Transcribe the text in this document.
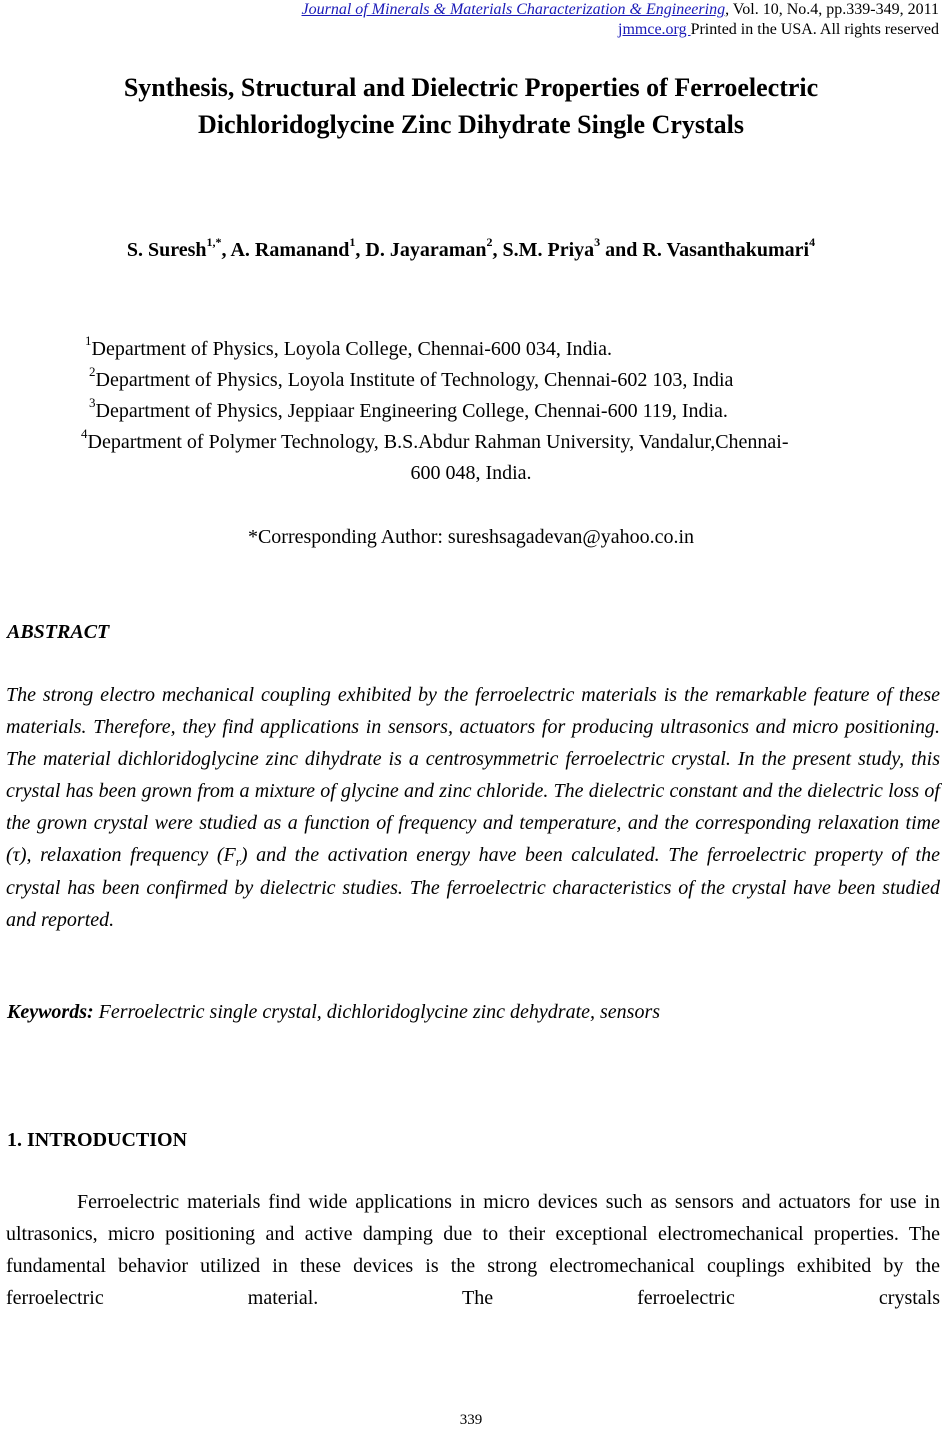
Journal of Minerals & Materials Characterization & Engineering, Vol. 10, No.4, pp.339-349, 2011
jmmce.org Printed in the USA. All rights reserved
Synthesis, Structural and Dielectric Properties of Ferroelectric
Dichloridoglycine Zinc Dihydrate Single Crystals
S. Suresh$^{1,*}$, A. Ramanand$^1$, D. Jayaraman$^2$, S.M. Priya$^3$ and R. Vasanthakumari$^4$
$^1$Department of Physics, Loyola College, Chennai-600 034, India.
$^2$Department of Physics, Loyola Institute of Technology, Chennai-602 103, India
$^3$Department of Physics, Jeppiaar Engineering College, Chennai-600 119, India.
$^4$Department of Polymer Technology, B.S.Abdur Rahman University, Vandalur,Chennai-
600 048, India.
*Corresponding Author: sureshsagadevan@yahoo.co.in
ABSTRACT
The strong electro mechanical coupling exhibited by the ferroelectric materials is the remarkable feature of these materials. Therefore, they find applications in sensors, actuators for producing ultrasonics and micro positioning. The material dichloridoglycine zinc dihydrate is a centrosymmetric ferroelectric crystal. In the present study, this crystal has been grown from a mixture of glycine and zinc chloride. The dielectric constant and the dielectric loss of the grown crystal were studied as a function of frequency and temperature, and the corresponding relaxation time (τ), relaxation frequency $(F_r)$ and the activation energy have been calculated. The ferroelectric property of the crystal has been confirmed by dielectric studies. The ferroelectric characteristics of the crystal have been studied and reported.
Keywords: Ferroelectric single crystal, dichloridoglycine zinc dehydrate, sensors
1. INTRODUCTION
Ferroelectric materials find wide applications in micro devices such as sensors and actuators for use in ultrasonics, micro positioning and active damping due to their exceptional electromechanical properties. The fundamental behavior utilized in these devices is the strong electromechanical couplings exhibited by the ferroelectric material. The ferroelectric crystals
339
